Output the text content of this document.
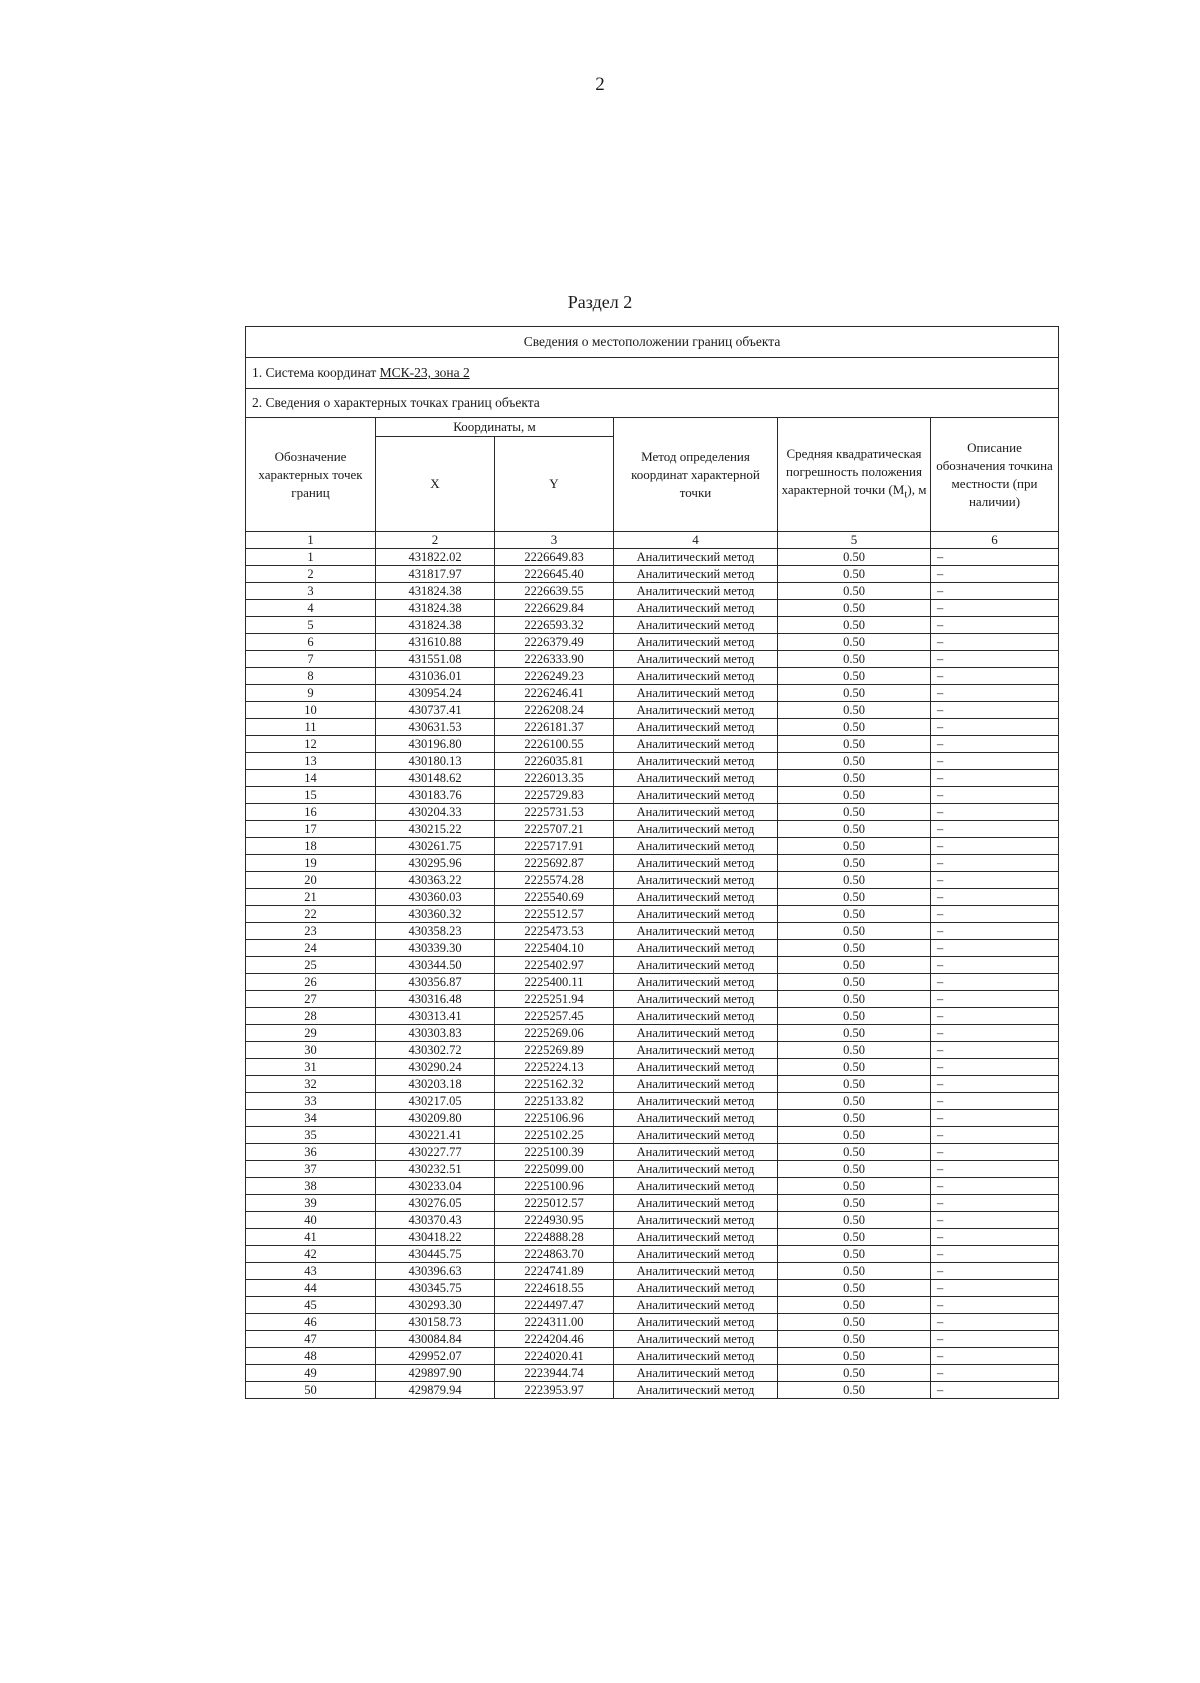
2
Раздел 2
Сведения о местоположении границ объекта					
1. Система координат МСК-23, зона 2					
2. Сведения о характерных точках границ объекта					
Обозначение характерных точек границ	Координаты, м		Метод определения координат характерной точки	Средняя квадратическая погрешность положения характерной точки $(M_t)$, м	Описание обозначения точкина местности (при наличии)
	X	Y			
1	2	3	4	5	6
1	431822.02	2226649.83	Аналитический метод	0.50	–
2	431817.97	2226645.40	Аналитический метод	0.50	–
3	431824.38	2226639.55	Аналитический метод	0.50	–
4	431824.38	2226629.84	Аналитический метод	0.50	–
5	431824.38	2226593.32	Аналитический метод	0.50	–
6	431610.88	2226379.49	Аналитический метод	0.50	–
7	431551.08	2226333.90	Аналитический метод	0.50	–
8	431036.01	2226249.23	Аналитический метод	0.50	–
9	430954.24	2226246.41	Аналитический метод	0.50	–
10	430737.41	2226208.24	Аналитический метод	0.50	–
11	430631.53	2226181.37	Аналитический метод	0.50	–
12	430196.80	2226100.55	Аналитический метод	0.50	–
13	430180.13	2226035.81	Аналитический метод	0.50	–
14	430148.62	2226013.35	Аналитический метод	0.50	–
15	430183.76	2225729.83	Аналитический метод	0.50	–
16	430204.33	2225731.53	Аналитический метод	0.50	–
17	430215.22	2225707.21	Аналитический метод	0.50	–
18	430261.75	2225717.91	Аналитический метод	0.50	–
19	430295.96	2225692.87	Аналитический метод	0.50	–
20	430363.22	2225574.28	Аналитический метод	0.50	–
21	430360.03	2225540.69	Аналитический метод	0.50	–
22	430360.32	2225512.57	Аналитический метод	0.50	–
23	430358.23	2225473.53	Аналитический метод	0.50	–
24	430339.30	2225404.10	Аналитический метод	0.50	–
25	430344.50	2225402.97	Аналитический метод	0.50	–
26	430356.87	2225400.11	Аналитический метод	0.50	–
27	430316.48	2225251.94	Аналитический метод	0.50	–
28	430313.41	2225257.45	Аналитический метод	0.50	–
29	430303.83	2225269.06	Аналитический метод	0.50	–
30	430302.72	2225269.89	Аналитический метод	0.50	–
31	430290.24	2225224.13	Аналитический метод	0.50	–
32	430203.18	2225162.32	Аналитический метод	0.50	–
33	430217.05	2225133.82	Аналитический метод	0.50	–
34	430209.80	2225106.96	Аналитический метод	0.50	–
35	430221.41	2225102.25	Аналитический метод	0.50	–
36	430227.77	2225100.39	Аналитический метод	0.50	–
37	430232.51	2225099.00	Аналитический метод	0.50	–
38	430233.04	2225100.96	Аналитический метод	0.50	–
39	430276.05	2225012.57	Аналитический метод	0.50	–
40	430370.43	2224930.95	Аналитический метод	0.50	–
41	430418.22	2224888.28	Аналитический метод	0.50	–
42	430445.75	2224863.70	Аналитический метод	0.50	–
43	430396.63	2224741.89	Аналитический метод	0.50	–
44	430345.75	2224618.55	Аналитический метод	0.50	–
45	430293.30	2224497.47	Аналитический метод	0.50	–
46	430158.73	2224311.00	Аналитический метод	0.50	–
47	430084.84	2224204.46	Аналитический метод	0.50	–
48	429952.07	2224020.41	Аналитический метод	0.50	–
49	429897.90	2223944.74	Аналитический метод	0.50	–
50	429879.94	2223953.97	Аналитический метод	0.50	–
